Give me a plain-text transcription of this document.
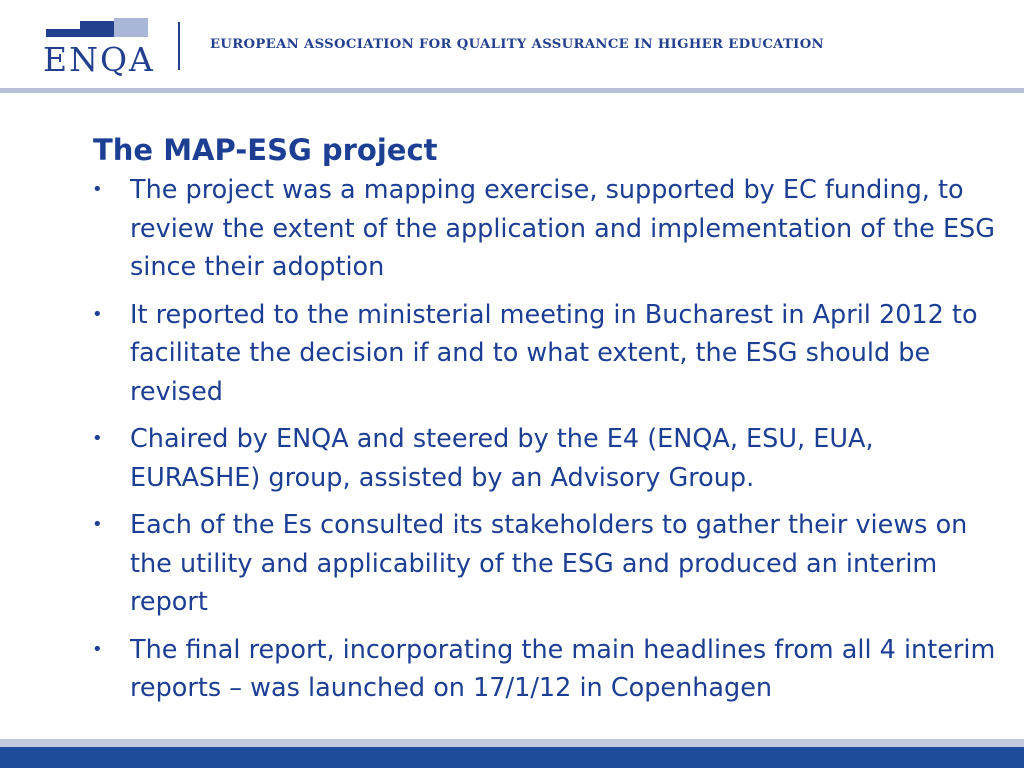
ENQA	EUROPEAN ASSOCIATION FOR QUALITY ASSURANCE IN HIGHER EDUCATION
The MAP-ESG project
• The project was a mapping exercise, supported by EC funding, to review the extent of the application and implementation of the ESG since their adoption
• It reported to the ministerial meeting in Bucharest in April 2012 to facilitate the decision if and to what extent, the ESG should be revised
• Chaired by ENQA and steered by the E4 (ENQA, ESU, EUA, EURASHE) group, assisted by an Advisory Group.
• Each of the Es consulted its stakeholders to gather their views on the utility and applicability of the ESG and produced an interim report
• The final report, incorporating the main headlines from all 4 interim reports – was launched on 17/1/12 in Copenhagen
